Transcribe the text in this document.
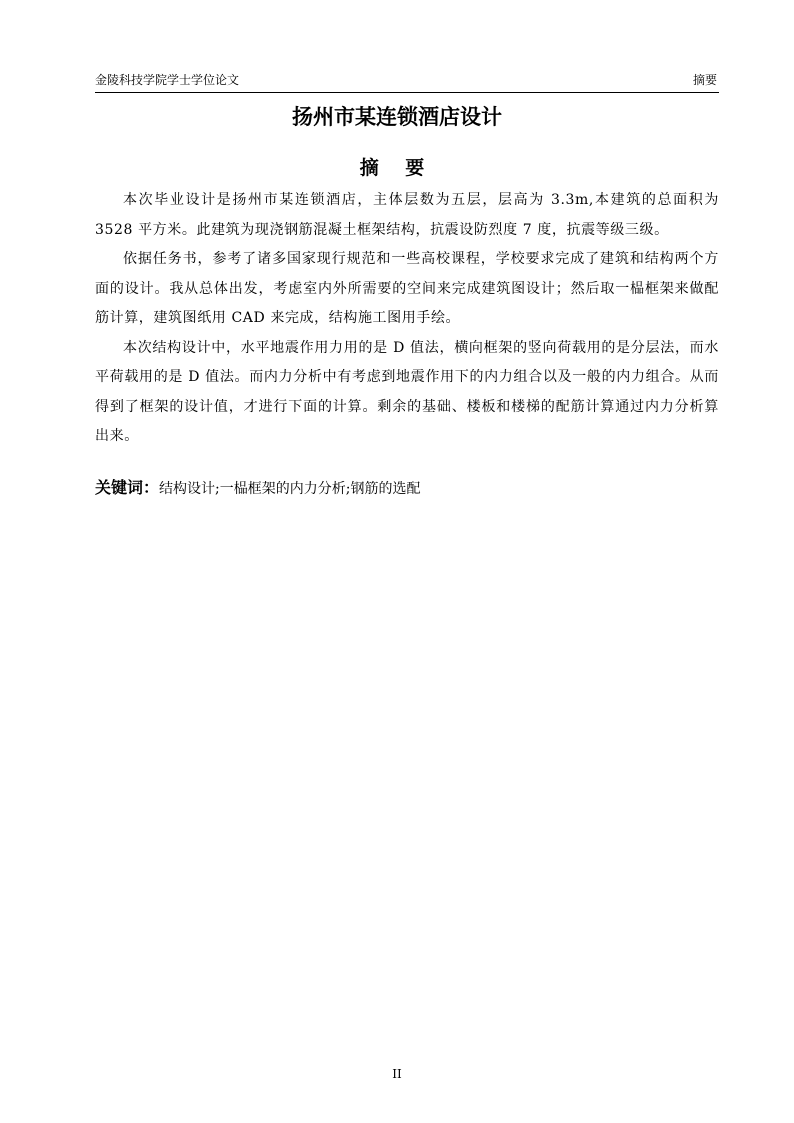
金陵科技学院学士学位论文	摘要
扬州市某连锁酒店设计
摘 要

本次毕业设计是扬州市某连锁酒店，主体层数为五层，层高为 3.3m,本建筑的总面积为 3528 平方米。此建筑为现浇钢筋混凝土框架结构，抗震设防烈度 7 度，抗震等级三级。

依据任务书，参考了诸多国家现行规范和一些高校课程，学校要求完成了建筑和结构两个方面的设计。我从总体出发，考虑室内外所需要的空间来完成建筑图设计；然后取一榀框架来做配筋计算，建筑图纸用 CAD 来完成，结构施工图用手绘。

本次结构设计中，水平地震作用力用的是 D 值法，横向框架的竖向荷载用的是分层法，而水平荷载用的是 D 值法。而内力分析中有考虑到地震作用下的内力组合以及一般的内力组合。从而得到了框架的设计值，才进行下面的计算。剩余的基础、楼板和楼梯的配筋计算通过内力分析算出来。

关键词：结构设计;一榀框架的内力分析;钢筋的选配
II
